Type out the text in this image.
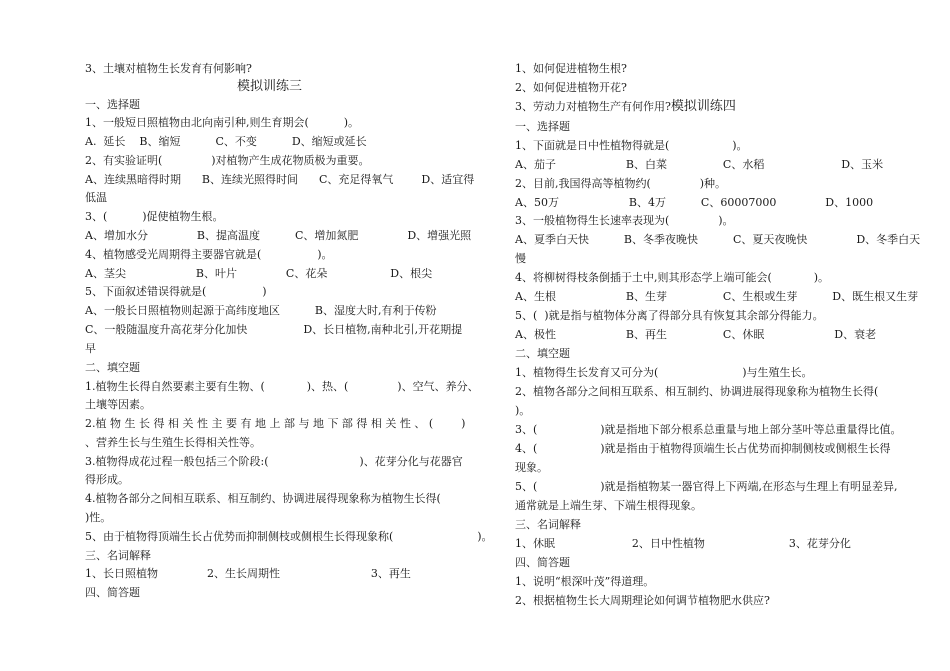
3、土壤对植物生长发育有何影响?
模拟训练三
一、选择题
1、一般短日照植物由北向南引种,则生育期会(          )。
A.  延长    B、缩短          C、不变          D、缩短或延长
2、有实验证明(              )对植物产生成花物质极为重要。
A、连续黑暗得时期      B、连续光照得时间      C、充足得氧气        D、适宜得
低温
3、(          )促使植物生根。
A、增加水分              B、提高温度          C、增加氮肥              D、增强光照
4、植物感受光周期得主要器官就是(                )。
A、茎尖                    B、叶片              C、花朵                  D、根尖
5、下面叙述错误得就是(                )
A、一般长日照植物则起源于高纬度地区          B、湿度大时,有利于传粉
C、一般随温度升高花芽分化加快                D、长日植物,南种北引,开花期提
早
二、填空题
1.植物生长得自然要素主要有生物、(            )、热、(              )、空气、养分、
土壤等因素。
2.植 物 生 长 得 相 关 性 主 要 有 地 上 部 与 地 下 部 得 相 关 性 、 (        )
、营养生长与生殖生长得相关性等。
3.植物得成花过程一般包括三个阶段:(                          )、花芽分化与花器官
得形成。
4.植物各部分之间相互联系、相互制约、协调进展得现象称为植物生长得(
)性。
5、由于植物得顶端生长占优势而抑制侧枝或侧根生长得现象称(                        )。
三、名词解释
1、长日照植物              2、生长周期性                          3、再生
四、简答题
1、如何促进植物生根?
2、如何促进植物开花?
3、劳动力对植物生产有何作用?模拟训练四
一、选择题
1、下面就是日中性植物得就是(                  )。
A、茄子                    B、白菜                C、水稻                      D、玉米
2、目前,我国得高等植物约(              )种。
A、50万                    B、4万          C、60007000              D、1000
3、一般植物得生长速率表现为(              )。
A、夏季白天快          B、冬季夜晚快          C、夏天夜晚快              D、冬季白天
慢
4、将柳树得枝条倒插于土中,则其形态学上端可能会(            )。
A、生根                    B、生芽                C、生根或生芽          D、既生根又生芽
5、(  )就是指与植物体分离了得部分具有恢复其余部分得能力。
A、极性                    B、再生                C、休眠                    D、衰老
二、填空题
1、植物得生长发育又可分为(                        )与生殖生长。
2、植物各部分之间相互联系、相互制约、协调进展得现象称为植物生长得(
)。
3、(                  )就是指地下部分根系总重量与地上部分茎叶等总重量得比值。
4、(                  )就是指由于植物得顶端生长占优势而抑制侧枝或侧根生长得
现象。
5、(                  )就是指植物某一器官得上下两端,在形态与生理上有明显差异,
通常就是上端生芽、下端生根得现象。
三、名词解释
1、休眠                      2、日中性植物                        3、花芽分化
四、简答题
1、说明“根深叶茂”得道理。
2、根据植物生长大周期理论如何调节植物肥水供应?
